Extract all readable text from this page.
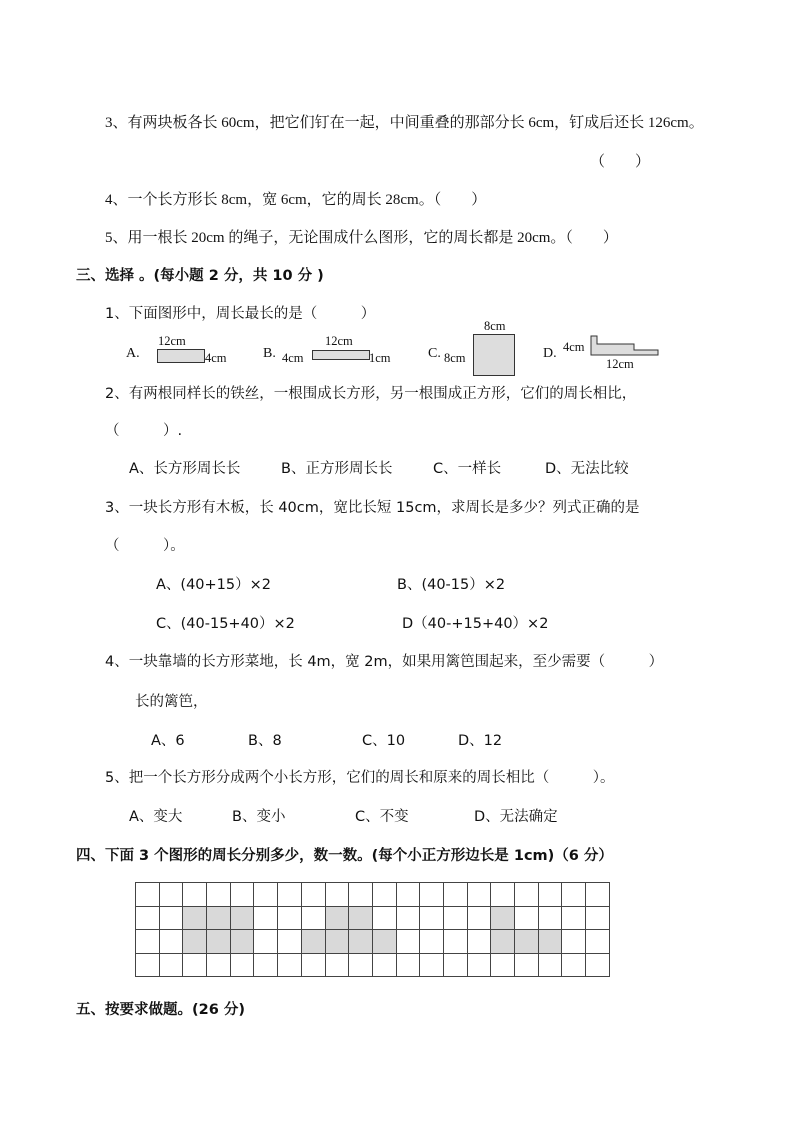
3、有两块板各长 60cm，把它们钉在一起，中间重叠的那部分长 6cm，钉成后还长 126cm。
（　　）
4、一个长方形长 8cm，宽 6cm，它的周长 28cm。（　　）
5、用一根长 20cm 的绳子，无论围成什么图形，它的周长都是 20cm。（　　）
三、选择 。(每小题 2 分，共 10 分 )
1、下面图形中，周长最长的是（　　　）
A.
12cm
4cm	B.
12cm
4cm	1cm	C. 8cm
8cm
D. 4cm
12cm
2、有两根同样长的铁丝，一根围成长方形，另一根围成正方形，它们的周长相比，
（　　　）.
A、长方形周长长	B、正方形周长长	C、一样长	D、无法比较
3、一块长方形有木板，长 40cm，宽比长短 15cm，求周长是多少？列式正确的是
（　　　）。
A、(40+15）×2	B、(40-15）×2
C、(40-15+40）×2	D（40-+15+40）×2
4、一块靠墙的长方形菜地，长 4m，宽 2m，如果用篱笆围起来，至少需要（　　　）
长的篱笆，
A、6	B、8	C、10	D、12
5、把一个长方形分成两个小长方形，它们的周长和原来的周长相比（　　　）。
A、变大	B、变小	C、不变	D、无法确定
四、下面 3 个图形的周长分别多少，数一数。(每个小正方形边长是 1cm)（6 分）

五、按要求做题。(26 分)
